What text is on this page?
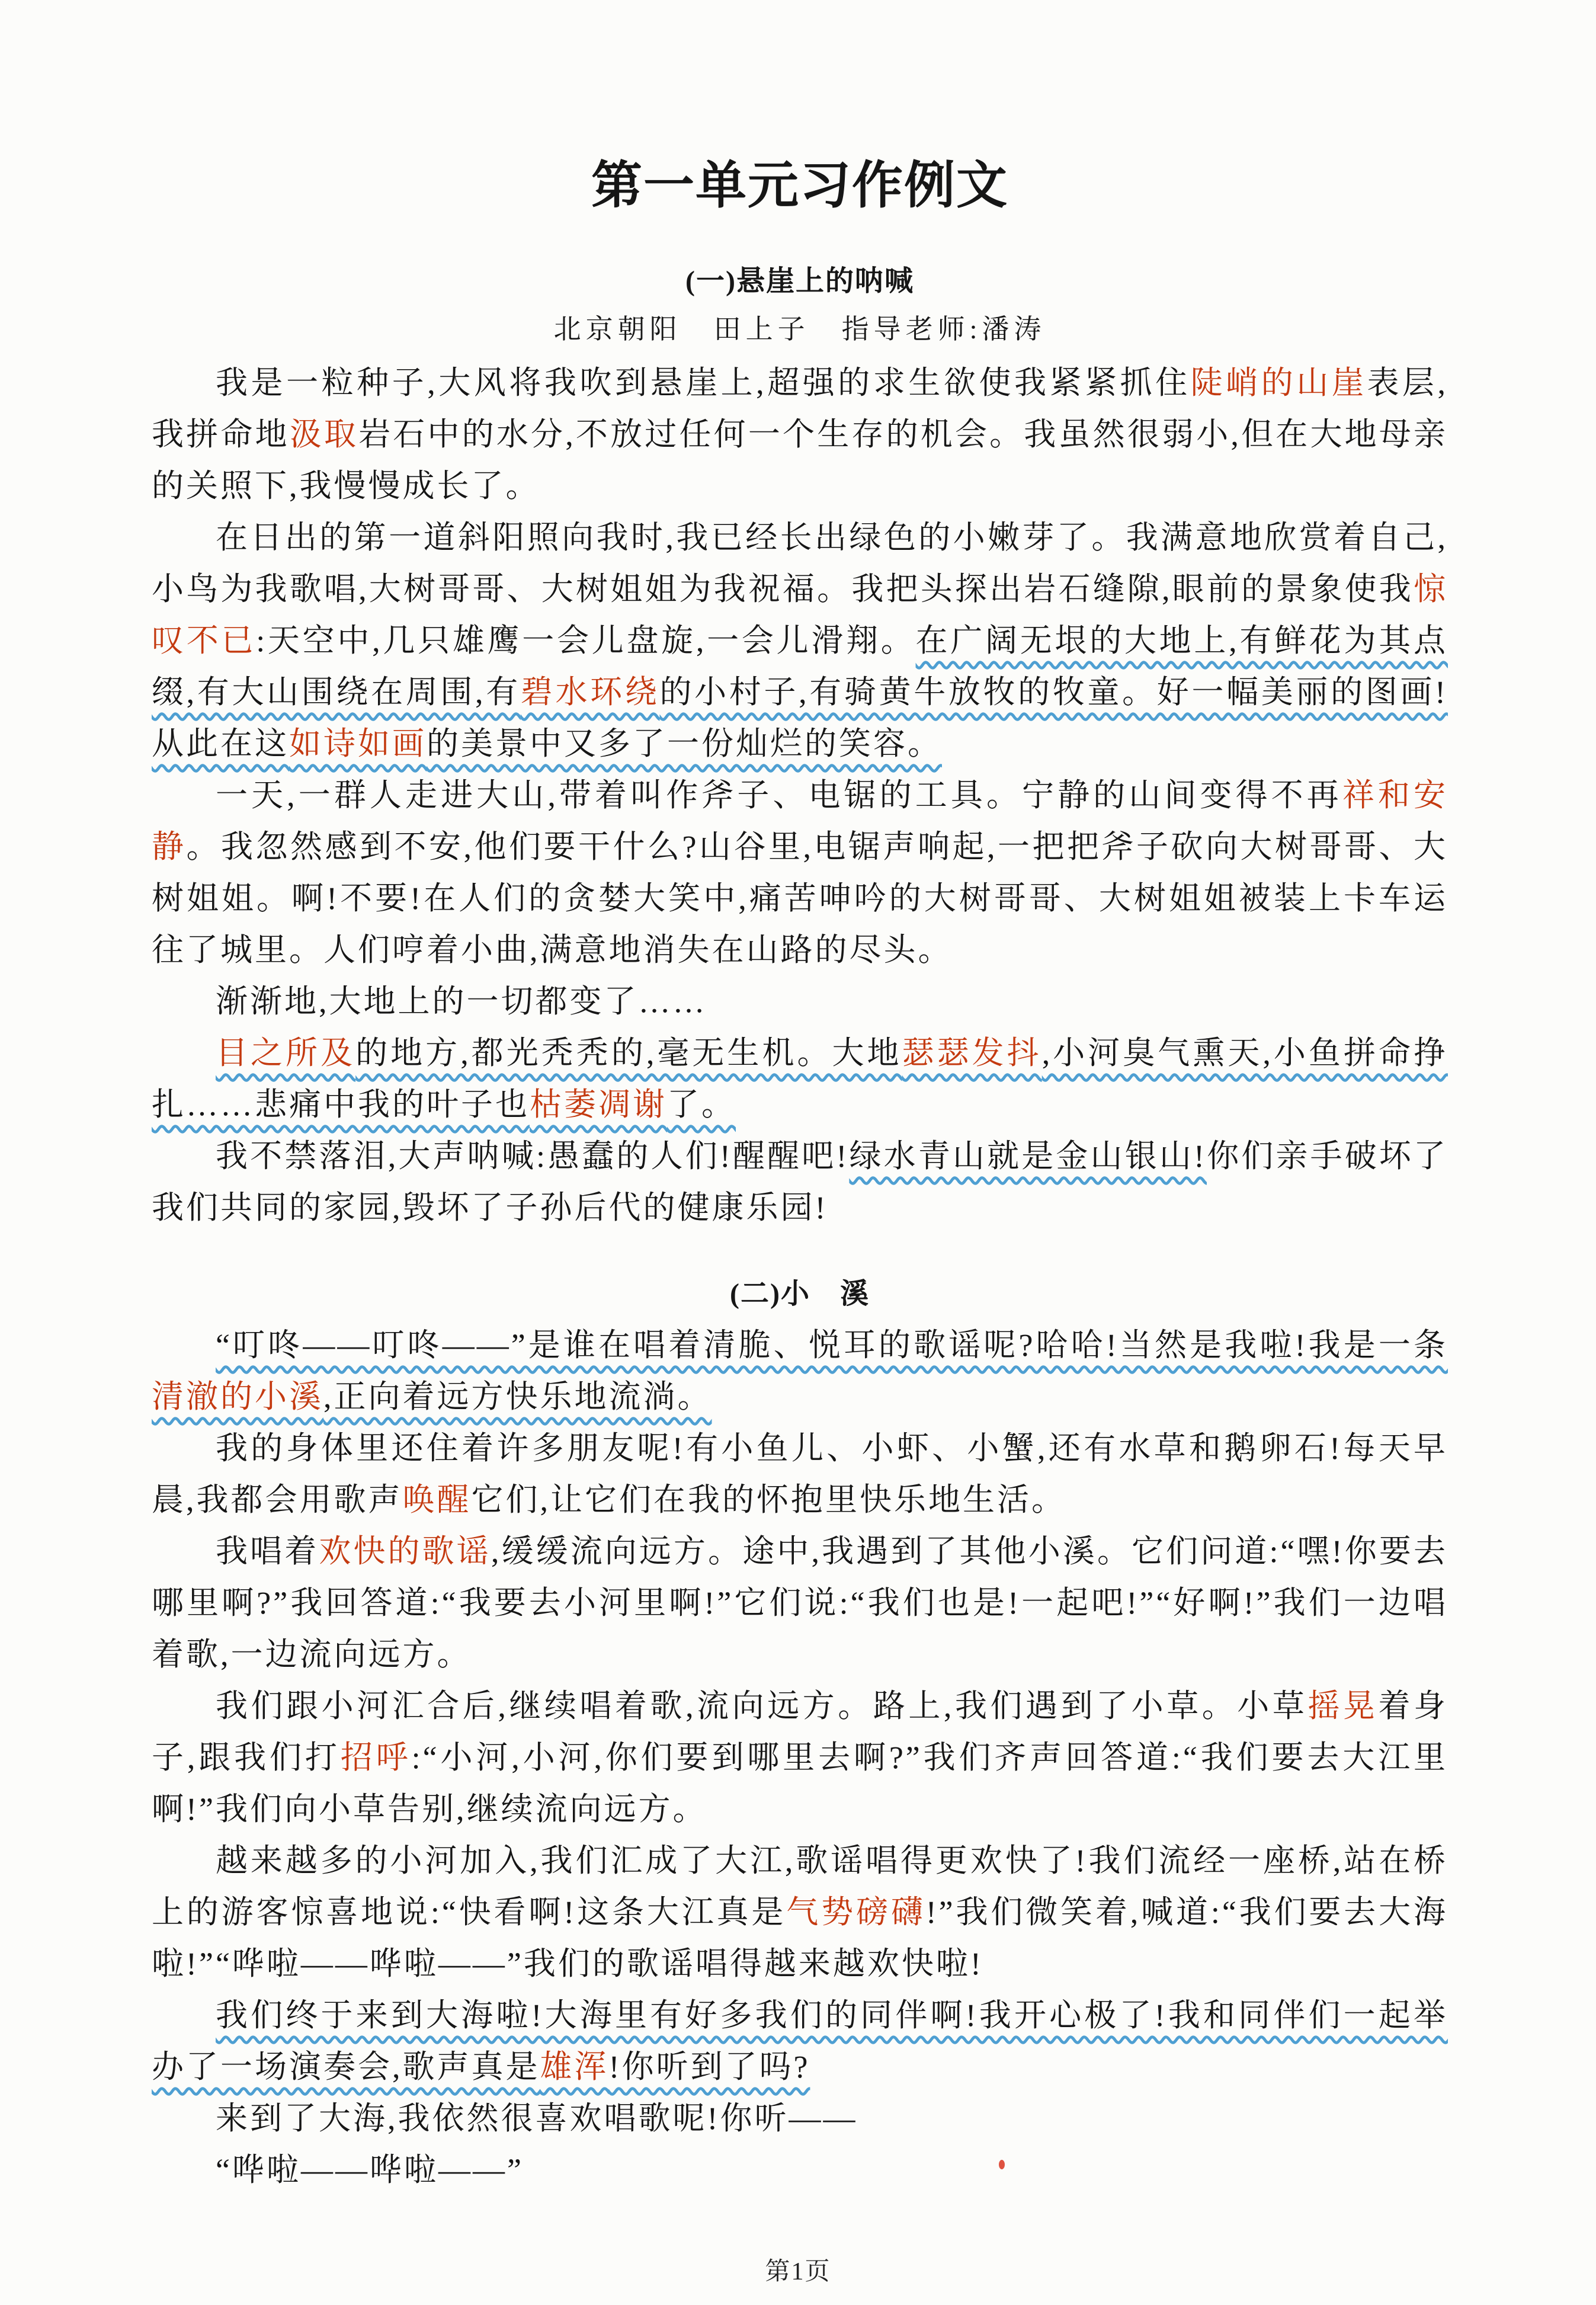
第一单元习作例文
(一)悬崖上的呐喊
北京朝阳　田上子　指导老师:潘涛

我是一粒种子,大风将我吹到悬崖上,超强的求生欲使我紧紧抓住陡峭的山崖表层,我拼命地汲取岩石中的水分,不放过任何一个生存的机会。我虽然很弱小,但在大地母亲的关照下,我慢慢成长了。

在日出的第一道斜阳照向我时,我已经长出绿色的小嫩芽了。我满意地欣赏着自己,小鸟为我歌唱,大树哥哥、大树姐姐为我祝福。我把头探出岩石缝隙,眼前的景象使我惊叹不已:天空中,几只雄鹰一会儿盘旋,一会儿滑翔。在广阔无垠的大地上,有鲜花为其点缀,有大山围绕在周围,有碧水环绕的小村子,有骑黄牛放牧的牧童。好一幅美丽的图画!从此在这如诗如画的美景中又多了一份灿烂的笑容。

一天,一群人走进大山,带着叫作斧子、电锯的工具。宁静的山间变得不再祥和安静。我忽然感到不安,他们要干什么?山谷里,电锯声响起,一把把斧子砍向大树哥哥、大树姐姐。啊!不要!在人们的贪婪大笑中,痛苦呻吟的大树哥哥、大树姐姐被装上卡车运往了城里。人们哼着小曲,满意地消失在山路的尽头。

渐渐地,大地上的一切都变了……

目之所及的地方,都光秃秃的,毫无生机。大地瑟瑟发抖,小河臭气熏天,小鱼拼命挣扎……悲痛中我的叶子也枯萎凋谢了。

我不禁落泪,大声呐喊:愚蠢的人们!醒醒吧!绿水青山就是金山银山!你们亲手破坏了我们共同的家园,毁坏了子孙后代的健康乐园!

(二)小　溪

“叮咚——叮咚——”是谁在唱着清脆、悦耳的歌谣呢?哈哈!当然是我啦!我是一条清澈的小溪,正向着远方快乐地流淌。

我的身体里还住着许多朋友呢!有小鱼儿、小虾、小蟹,还有水草和鹅卵石!每天早晨,我都会用歌声唤醒它们,让它们在我的怀抱里快乐地生活。

我唱着欢快的歌谣,缓缓流向远方。途中,我遇到了其他小溪。它们问道:“嘿!你要去哪里啊?”我回答道:“我要去小河里啊!”它们说:“我们也是!一起吧!”“好啊!”我们一边唱着歌,一边流向远方。

我们跟小河汇合后,继续唱着歌,流向远方。路上,我们遇到了小草。小草摇晃着身子,跟我们打招呼:“小河,小河,你们要到哪里去啊?”我们齐声回答道:“我们要去大江里啊!”我们向小草告别,继续流向远方。

越来越多的小河加入,我们汇成了大江,歌谣唱得更欢快了!我们流经一座桥,站在桥上的游客惊喜地说:“快看啊!这条大江真是气势磅礴!”我们微笑着,喊道:“我们要去大海啦!”“哗啦——哗啦——”我们的歌谣唱得越来越欢快啦!

我们终于来到大海啦!大海里有好多我们的同伴啊!我开心极了!我和同伴们一起举办了一场演奏会,歌声真是雄浑!你听到了吗?

来到了大海,我依然很喜欢唱歌呢!你听——

“哗啦——哗啦——”

第1页
